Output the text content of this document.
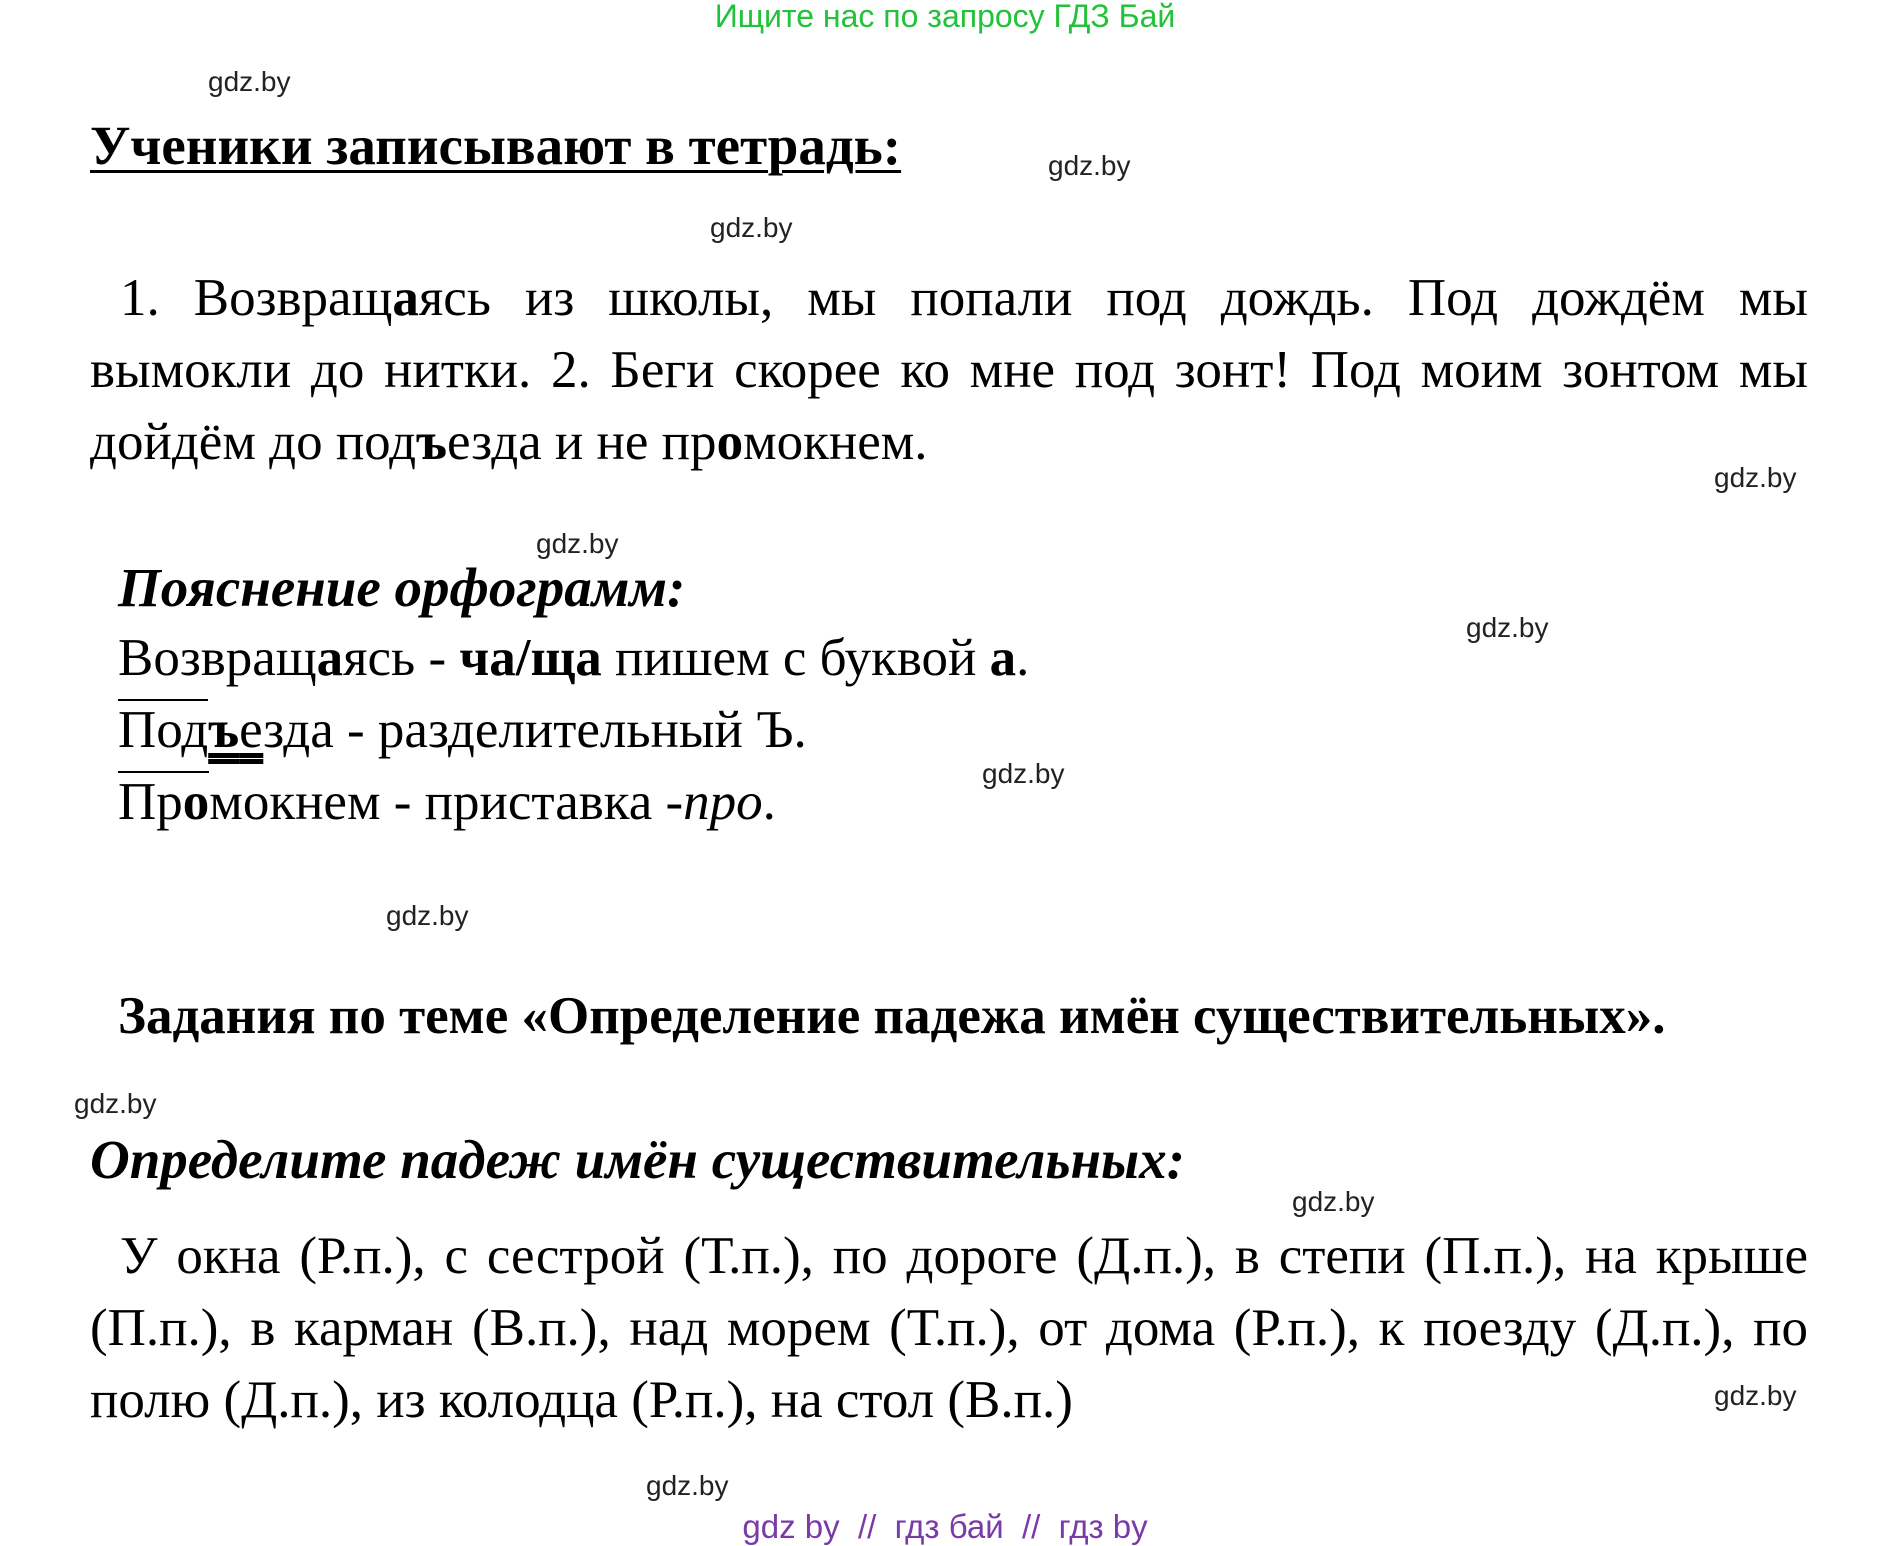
Ищите нас по запросу ГДЗ Бай
gdz.by
gdz.by
gdz.by
gdz.by
gdz.by
gdz.by
gdz.by
gdz.by
gdz.by
gdz.by
gdz.by
gdz.by
Ученики записывают в тетрадь:
1. Возвращаясь из школы, мы попали под дождь. Под дождём мы вымокли до нитки. 2. Беги скорее ко мне под зонт! Под моим зонтом мы дойдём до подъезда и не промокнем.
Пояснение орфограмм:
Возвращаясь - ча/ща пишем с буквой а.
Подъезда - разделительный Ъ.
Промокнем - приставка -про.
Задания по теме «Определение падежа имён существительных».
Определите падеж имён существительных:
У окна (Р.п.), с сестрой (Т.п.), по дороге (Д.п.), в степи (П.п.), на крыше (П.п.), в карман (В.п.), над морем (Т.п.), от дома (Р.п.), к поезду (Д.п.), по полю (Д.п.), из колодца (Р.п.), на стол (В.п.)
gdz by  //  гдз бай  //  гдз by
